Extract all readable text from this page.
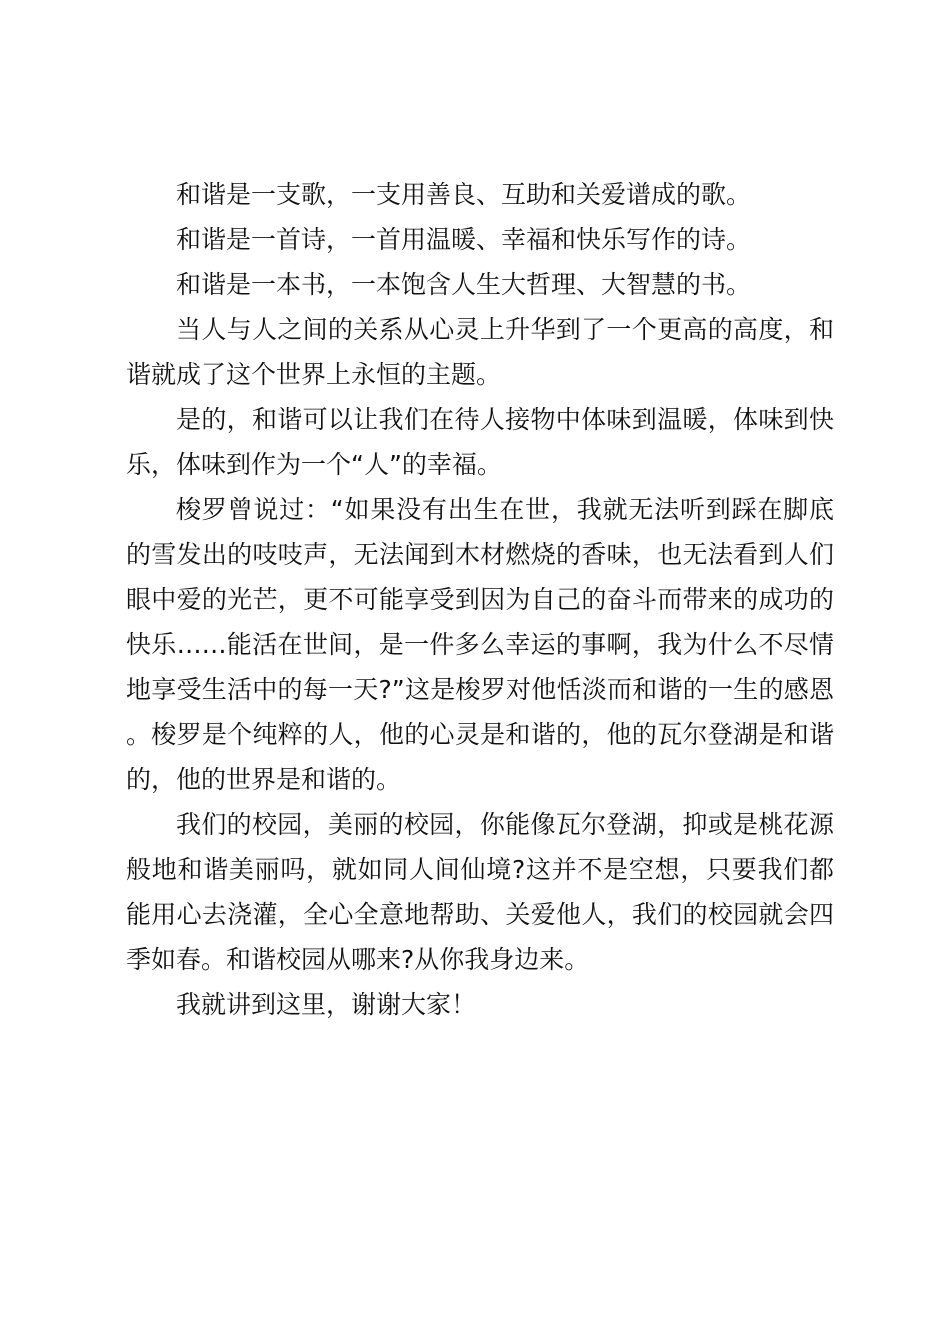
和谐是一支歌，一支用善良、互助和关爱谱成的歌。

和谐是一首诗，一首用温暖、幸福和快乐写作的诗。

和谐是一本书，一本饱含人生大哲理、大智慧的书。

当人与人之间的关系从心灵上升华到了一个更高的高度，和谐就成了这个世界上永恒的主题。

是的，和谐可以让我们在待人接物中体味到温暖，体味到快乐，体味到作为一个“人”的幸福。

梭罗曾说过：“如果没有出生在世，我就无法听到踩在脚底的雪发出的吱吱声，无法闻到木材燃烧的香味，也无法看到人们眼中爱的光芒，更不可能享受到因为自己的奋斗而带来的成功的快乐……能活在世间，是一件多么幸运的事啊，我为什么不尽情地享受生活中的每一天?”这是梭罗对他恬淡而和谐的一生的感恩。梭罗是个纯粹的人，他的心灵是和谐的，他的瓦尔登湖是和谐的，他的世界是和谐的。

我们的校园，美丽的校园，你能像瓦尔登湖，抑或是桃花源般地和谐美丽吗，就如同人间仙境?这并不是空想，只要我们都能用心去浇灌，全心全意地帮助、关爱他人，我们的校园就会四季如春。和谐校园从哪来?从你我身边来。

我就讲到这里，谢谢大家！
